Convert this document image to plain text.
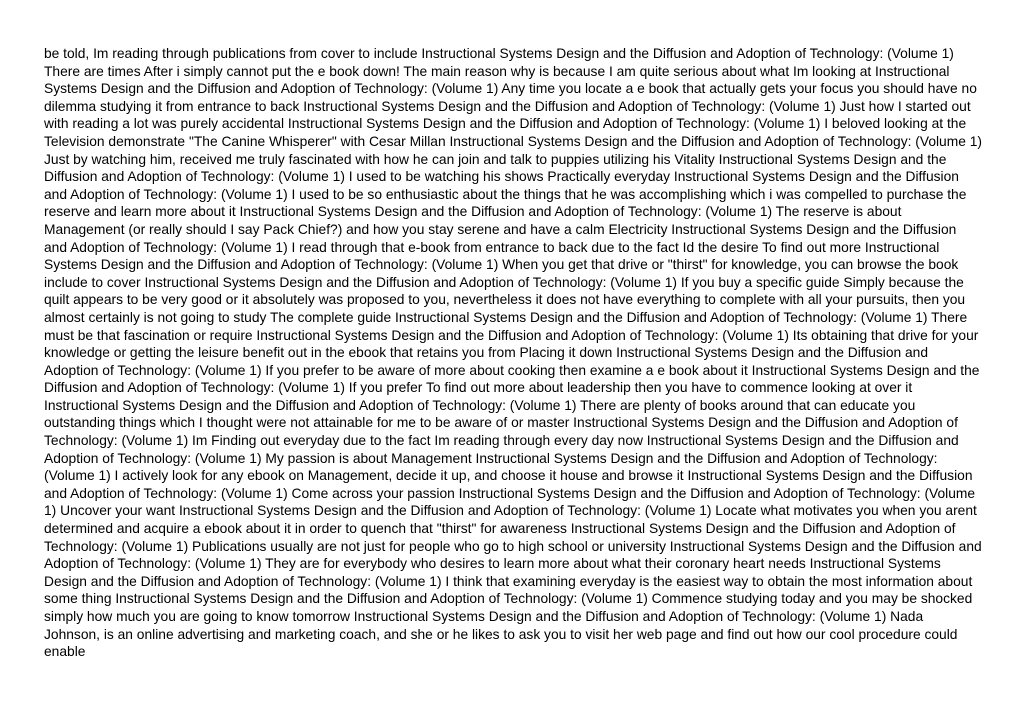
be told, Im reading through publications from cover to include Instructional Systems Design and the Diffusion and Adoption of Technology: (Volume 1) There are times After i simply cannot put the e book down! The main reason why is because I am quite serious about what Im looking at Instructional Systems Design and the Diffusion and Adoption of Technology: (Volume 1) Any time you locate a e book that actually gets your focus you should have no dilemma studying it from entrance to back Instructional Systems Design and the Diffusion and Adoption of Technology: (Volume 1) Just how I started out with reading a lot was purely accidental Instructional Systems Design and the Diffusion and Adoption of Technology: (Volume 1) I beloved looking at the Television demonstrate "The Canine Whisperer" with Cesar Millan Instructional Systems Design and the Diffusion and Adoption of Technology: (Volume 1) Just by watching him, received me truly fascinated with how he can join and talk to puppies utilizing his Vitality Instructional Systems Design and the Diffusion and Adoption of Technology: (Volume 1) I used to be watching his shows Practically everyday Instructional Systems Design and the Diffusion and Adoption of Technology: (Volume 1) I used to be so enthusiastic about the things that he was accomplishing which i was compelled to purchase the reserve and learn more about it Instructional Systems Design and the Diffusion and Adoption of Technology: (Volume 1) The reserve is about Management (or really should I say Pack Chief?) and how you stay serene and have a calm Electricity Instructional Systems Design and the Diffusion and Adoption of Technology: (Volume 1) I read through that e-book from entrance to back due to the fact Id the desire To find out more Instructional Systems Design and the Diffusion and Adoption of Technology: (Volume 1) When you get that drive or "thirst" for knowledge, you can browse the book include to cover Instructional Systems Design and the Diffusion and Adoption of Technology: (Volume 1) If you buy a specific guide Simply because the quilt appears to be very good or it absolutely was proposed to you, nevertheless it does not have everything to complete with all your pursuits, then you almost certainly is not going to study The complete guide Instructional Systems Design and the Diffusion and Adoption of Technology: (Volume 1) There must be that fascination or require Instructional Systems Design and the Diffusion and Adoption of Technology: (Volume 1) Its obtaining that drive for your knowledge or getting the leisure benefit out in the ebook that retains you from Placing it down Instructional Systems Design and the Diffusion and Adoption of Technology: (Volume 1) If you prefer to be aware of more about cooking then examine a e book about it Instructional Systems Design and the Diffusion and Adoption of Technology: (Volume 1) If you prefer To find out more about leadership then you have to commence looking at over it Instructional Systems Design and the Diffusion and Adoption of Technology: (Volume 1) There are plenty of books around that can educate you outstanding things which I thought were not attainable for me to be aware of or master Instructional Systems Design and the Diffusion and Adoption of Technology: (Volume 1) Im Finding out everyday due to the fact Im reading through every day now Instructional Systems Design and the Diffusion and Adoption of Technology: (Volume 1) My passion is about Management Instructional Systems Design and the Diffusion and Adoption of Technology: (Volume 1) I actively look for any ebook on Management, decide it up, and choose it house and browse it Instructional Systems Design and the Diffusion and Adoption of Technology: (Volume 1) Come across your passion Instructional Systems Design and the Diffusion and Adoption of Technology: (Volume 1) Uncover your want Instructional Systems Design and the Diffusion and Adoption of Technology: (Volume 1) Locate what motivates you when you arent determined and acquire a ebook about it in order to quench that "thirst" for awareness Instructional Systems Design and the Diffusion and Adoption of Technology: (Volume 1) Publications usually are not just for people who go to high school or university Instructional Systems Design and the Diffusion and Adoption of Technology: (Volume 1) They are for everybody who desires to learn more about what their coronary heart needs Instructional Systems Design and the Diffusion and Adoption of Technology: (Volume 1) I think that examining everyday is the easiest way to obtain the most information about some thing Instructional Systems Design and the Diffusion and Adoption of Technology: (Volume 1) Commence studying today and you may be shocked simply how much you are going to know tomorrow Instructional Systems Design and the Diffusion and Adoption of Technology: (Volume 1) Nada Johnson, is an online advertising and marketing coach, and she or he likes to ask you to visit her web page and find out how our cool procedure could enable
